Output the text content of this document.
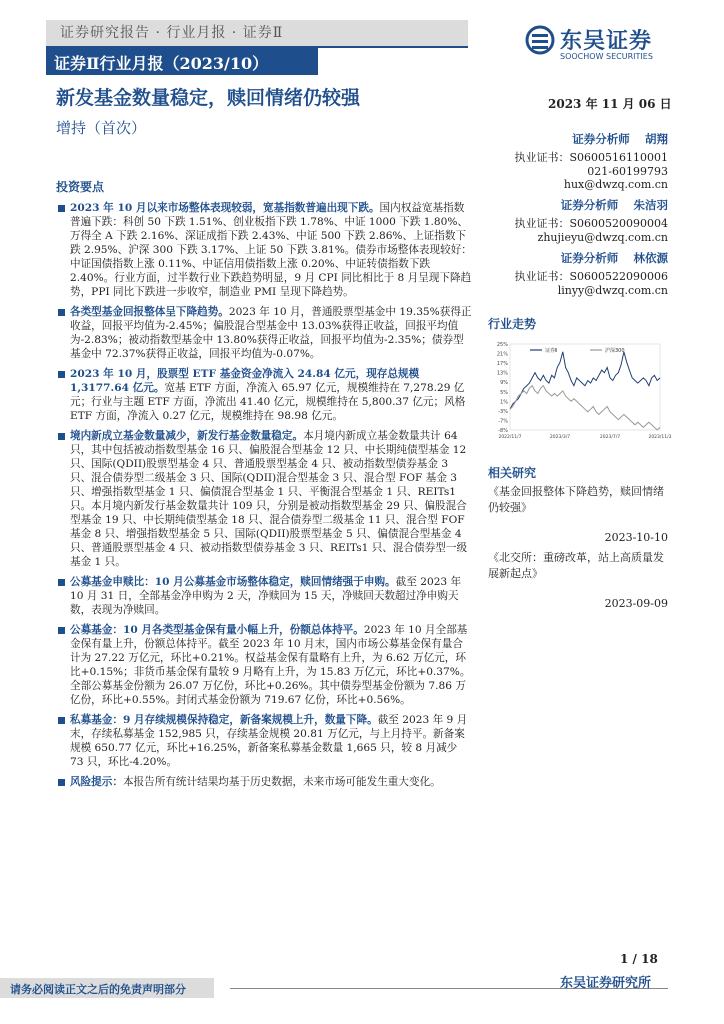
证券研究报告 · 行业月报 · 证券Ⅱ	东吴证券
SOOCHOW SECURITIES
证券Ⅱ行业月报（2023/10）
新发基金数量稳定，赎回情绪仍较强
增持（首次）
2023 年 11 月 06 日
证券分析师 胡翔
执业证书：S0600516110001
021-60199793
hux@dwzq.com.cn
证券分析师 朱洁羽
执业证书：S0600520090004
zhujieyu@dwzq.com.cn
证券分析师 林依源
执业证书：S0600522090006
linyy@dwzq.com.cn
投资要点
2023 年 10 月以来市场整体表现较弱，宽基指数普遍出现下跌。国内权益宽基指数普遍下跌：科创 50 下跌 1.51%、创业板指下跌 1.78%、中证 1000 下跌 1.80%、万得全 A 下跌 2.16%、深证成指下跌 2.43%、中证 500 下跌 2.86%、上证指数下跌 2.95%、沪深 300 下跌 3.17%、上证 50 下跌 3.81%。债券市场整体表现较好：中证国债指数上涨 0.11%、中证信用债指数上涨 0.20%、中证转债指数下跌 2.40%。行业方面，过半数行业下跌趋势明显，9 月 CPI 同比相比于 8 月呈现下降趋势，PPI 同比下跌进一步收窄，制造业 PMI 呈现下降趋势。
各类型基金回报整体呈下降趋势。2023 年 10 月，普通股票型基金中 19.35%获得正收益，回报平均值为-2.45%；偏股混合型基金中 13.03%获得正收益，回报平均值为-2.83%；被动指数型基金中 13.80%获得正收益，回报平均值为-2.35%；债券型基金中 72.37%获得正收益，回报平均值为-0.07%。
2023 年 10 月，股票型 ETF 基金资金净流入 24.84 亿元，现存总规模 1,3177.64 亿元。宽基 ETF 方面，净流入 65.97 亿元，规模维持在 7,278.29 亿元；行业与主题 ETF 方面，净流出 41.40 亿元，规模维持在 5,800.37 亿元；风格 ETF 方面，净流入 0.27 亿元，规模维持在 98.98 亿元。
境内新成立基金数量减少，新发行基金数量稳定。本月境内新成立基金数量共计 64 只，其中包括被动指数型基金 16 只、偏股混合型基金 12 只、中长期纯债型基金 12 只、国际(QDII)股票型基金 4 只、普通股票型基金 4 只、被动指数型债券基金 3 只、混合债券型二级基金 3 只、国际(QDII)混合型基金 3 只、混合型 FOF 基金 3 只、增强指数型基金 1 只、偏债混合型基金 1 只、平衡混合型基金 1 只、REITs1 只。本月境内新发行基金数量共计 109 只，分别是被动指数型基金 29 只、偏股混合型基金 19 只、中长期纯债型基金 18 只、混合债券型二级基金 11 只、混合型 FOF 基金 8 只、增强指数型基金 5 只、国际(QDII)股票型基金 5 只、偏债混合型基金 4 只、普通股票型基金 4 只、被动指数型债券基金 3 只、REITs1 只、混合债券型一级基金 1 只。
公募基金申赎比：10 月公募基金市场整体稳定，赎回情绪强于申购。截至 2023 年 10 月 31 日，全部基金净申购为 2 天，净赎回为 15 天，净赎回天数超过净申购天数，表现为净赎回。
公募基金：10 月各类型基金保有量小幅上升，份额总体持平。2023 年 10 月全部基金保有量上升，份额总体持平。截至 2023 年 10 月末，国内市场公募基金保有量合计为 27.22 万亿元，环比+0.21%。权益基金保有量略有上升，为 6.62 万亿元，环比+0.15%；非货币基金保有量较 9 月略有上升，为 15.83 万亿元，环比+0.37%。全部公募基金份额为 26.07 万亿份，环比+0.26%。其中债券型基金份额为 7.86 万亿份，环比+0.55%。封闭式基金份额为 719.67 亿份，环比+0.56%。
私募基金：9 月存续规模保持稳定，新备案规模上升，数量下降。截至 2023 年 9 月末，存续私募基金 152,985 只，存续基金规模 20.81 万亿元，与上月持平。新备案规模 650.77 亿元，环比+16.25%，新备案私募基金数量 1,665 只，较 8 月减少 73 只，环比-4.20%。
风险提示：本报告所有统计结果均基于历史数据，未来市场可能发生重大变化。
行业走势
25%
21%
17%
13%
9%
5%
1%
-3%
-7%
-8%
2022/11/7	2023/3/7	2023/7/7	2023/11/3
证券Ⅱ	沪深300
相关研究
《基金回报整体下降趋势，赎回情绪仍较强》
2023-10-10
《北交所：重磅改革，站上高质量发展新起点》
2023-09-09
1 / 18
请务必阅读正文之后的免责声明部分	东吴证券研究所
